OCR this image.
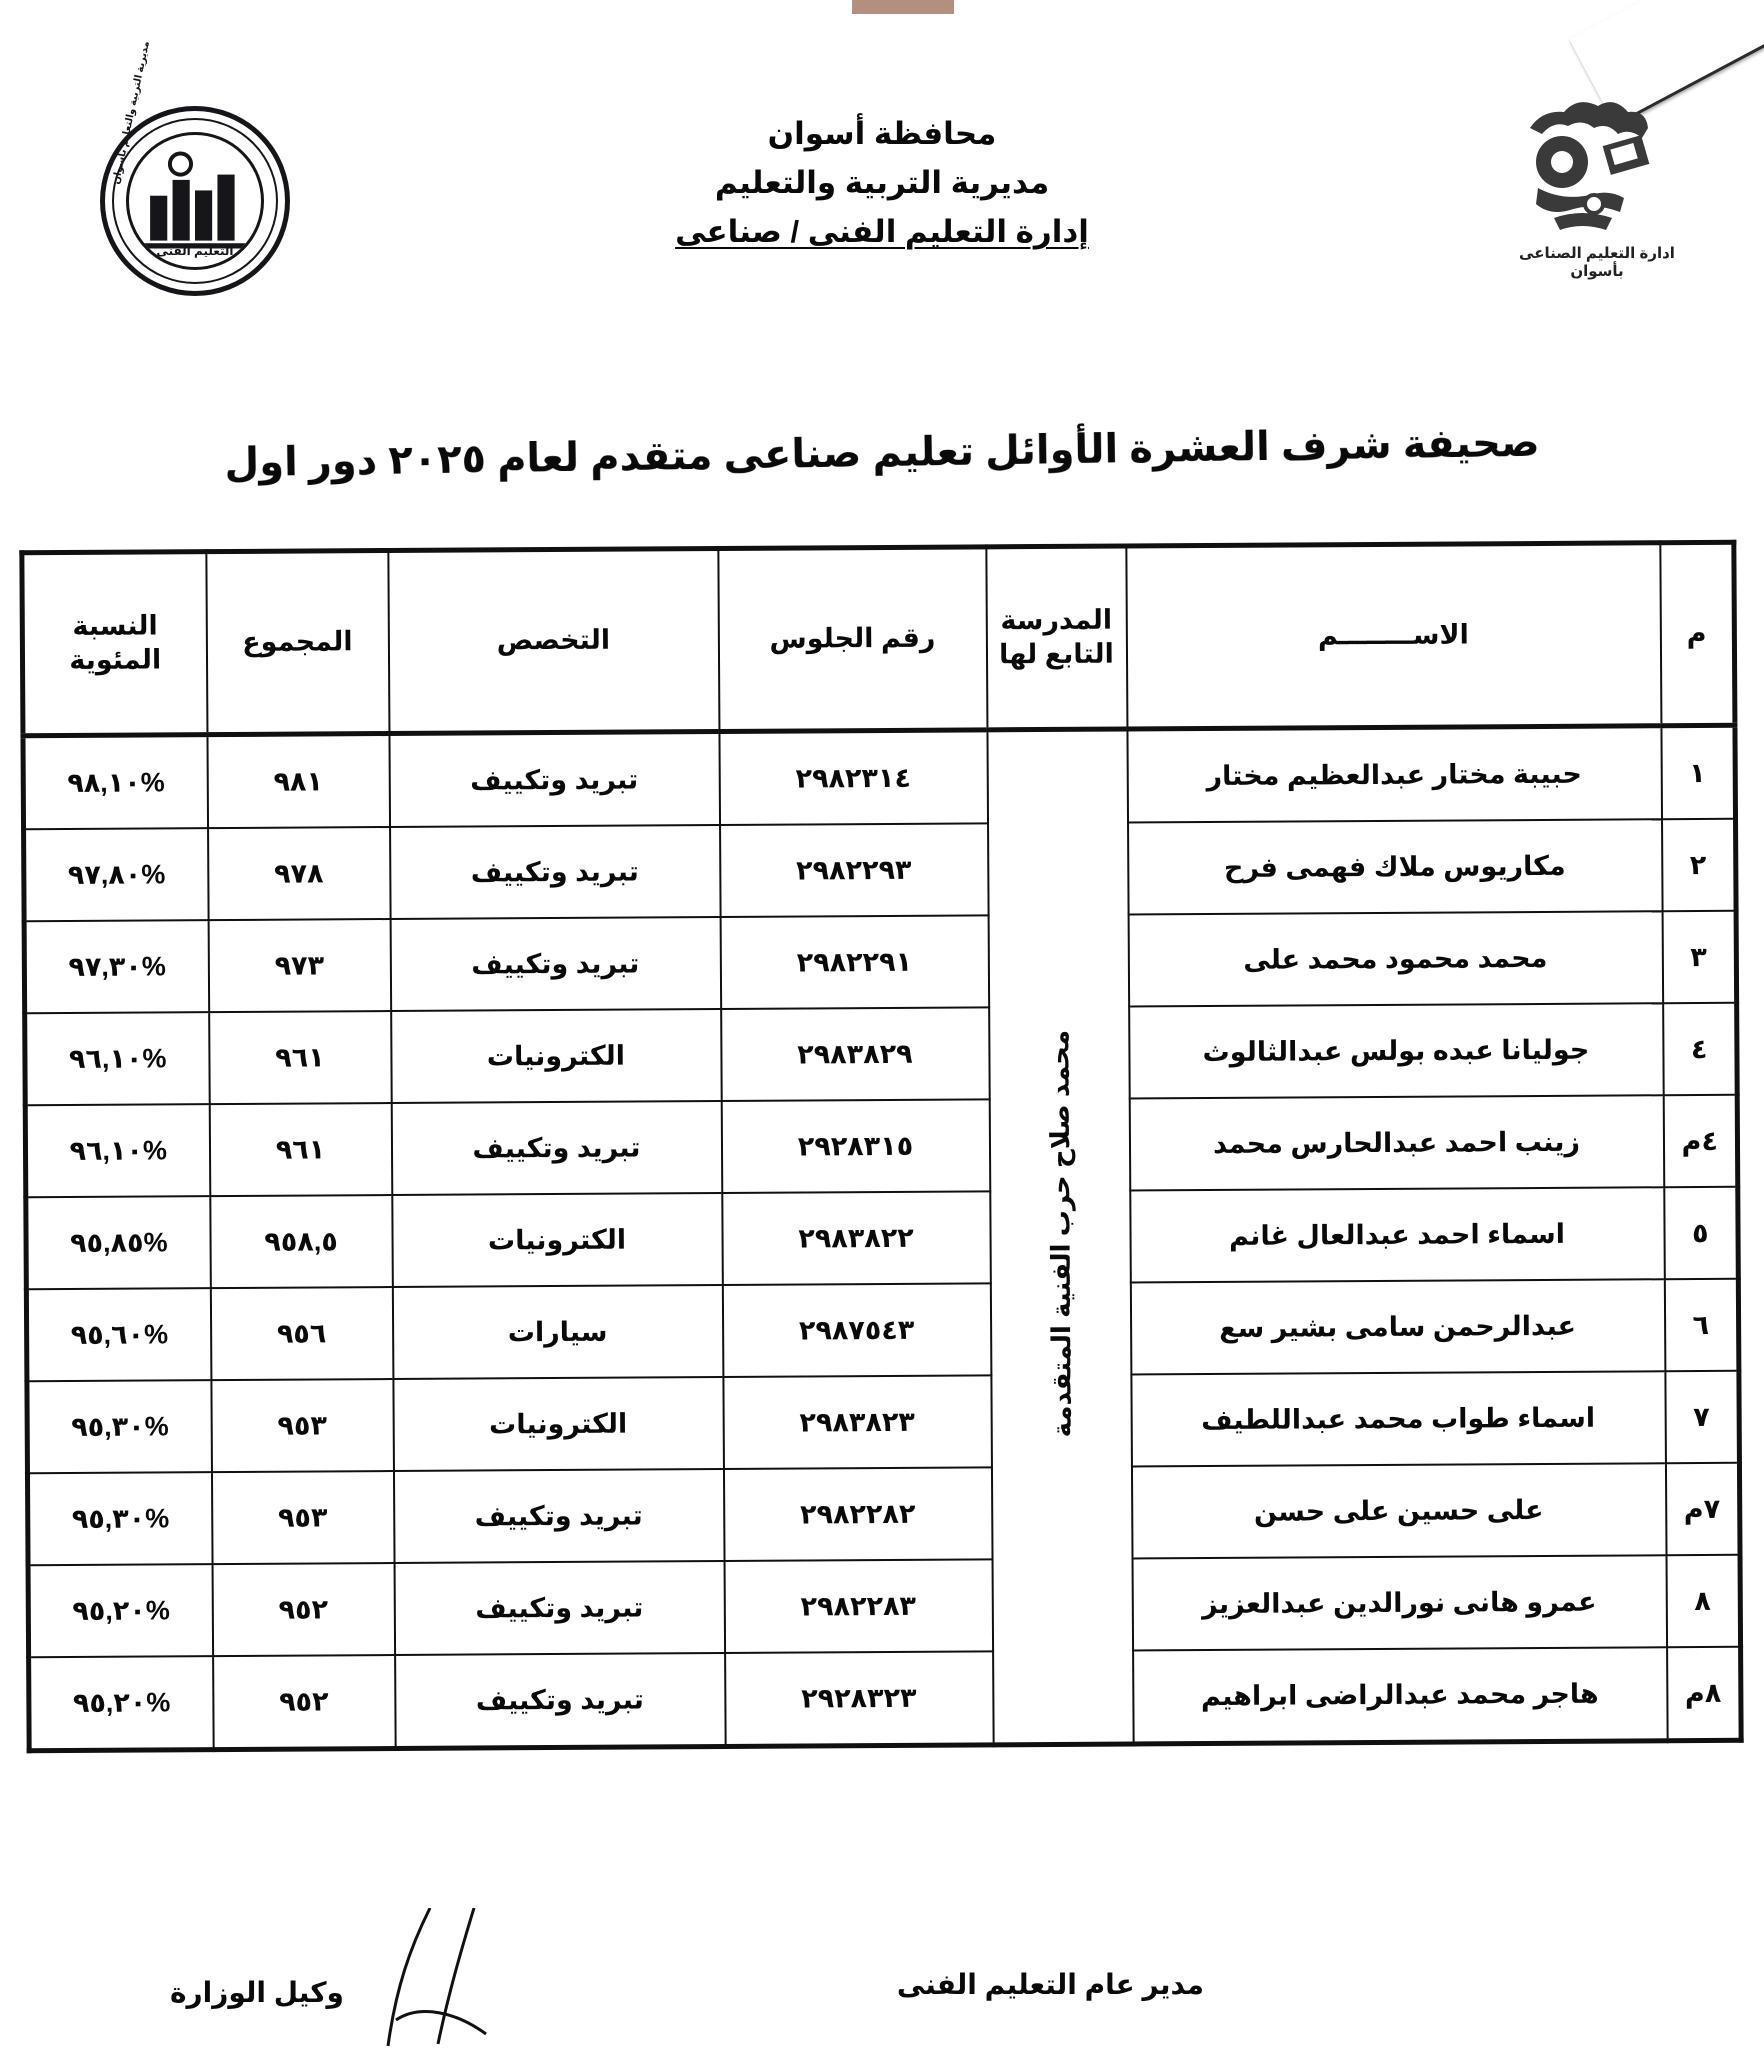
مديرية التربية والتعليم بأسوان
التعليم الفنى
محافظة أسوان
مديرية التربية والتعليم
إدارة التعليم الفنى / صناعى
ادارة التعليم الصناعى بأسوان
صحيفة شرف العشرة الأوائل تعليم صناعى متقدم لعام ٢٠٢٥ دور اول
م	الاســــــــم	المدرسة التابع لها	رقم الجلوس	التخصص	المجموع	النسبة المئوية
١	حبيبة مختار عبدالعظيم مختار	محمد صلاح حرب الفنية المتقدمة	٢٩٨٢٣١٤	تبريد وتكييف	٩٨١	%٩٨,١٠
٢	مكاريوس ملاك فهمى فرح		٢٩٨٢٢٩٣	تبريد وتكييف	٩٧٨	%٩٧,٨٠
٣	محمد محمود محمد على		٢٩٨٢٢٩١	تبريد وتكييف	٩٧٣	%٩٧,٣٠
٤	جوليانا عبده بولس عبدالثالوث		٢٩٨٣٨٢٩	الكترونيات	٩٦١	%٩٦,١٠
٤م	زينب احمد عبدالحارس محمد		٢٩٢٨٣١٥	تبريد وتكييف	٩٦١	%٩٦,١٠
٥	اسماء احمد عبدالعال غانم		٢٩٨٣٨٢٢	الكترونيات	٩٥٨,٥	%٩٥,٨٥
٦	عبدالرحمن سامى بشير سع		٢٩٨٧٥٤٣	سيارات	٩٥٦	%٩٥,٦٠
٧	اسماء طواب محمد عبداللطيف		٢٩٨٣٨٢٣	الكترونيات	٩٥٣	%٩٥,٣٠
٧م	على حسين على حسن		٢٩٨٢٢٨٢	تبريد وتكييف	٩٥٣	%٩٥,٣٠
٨	عمرو هانى نورالدين عبدالعزيز		٢٩٨٢٢٨٣	تبريد وتكييف	٩٥٢	%٩٥,٢٠
٨م	هاجر محمد عبدالراضى ابراهيم		٢٩٢٨٣٢٣	تبريد وتكييف	٩٥٢	%٩٥,٢٠
مدير عام التعليم الفنى
وكيل الوزارة
